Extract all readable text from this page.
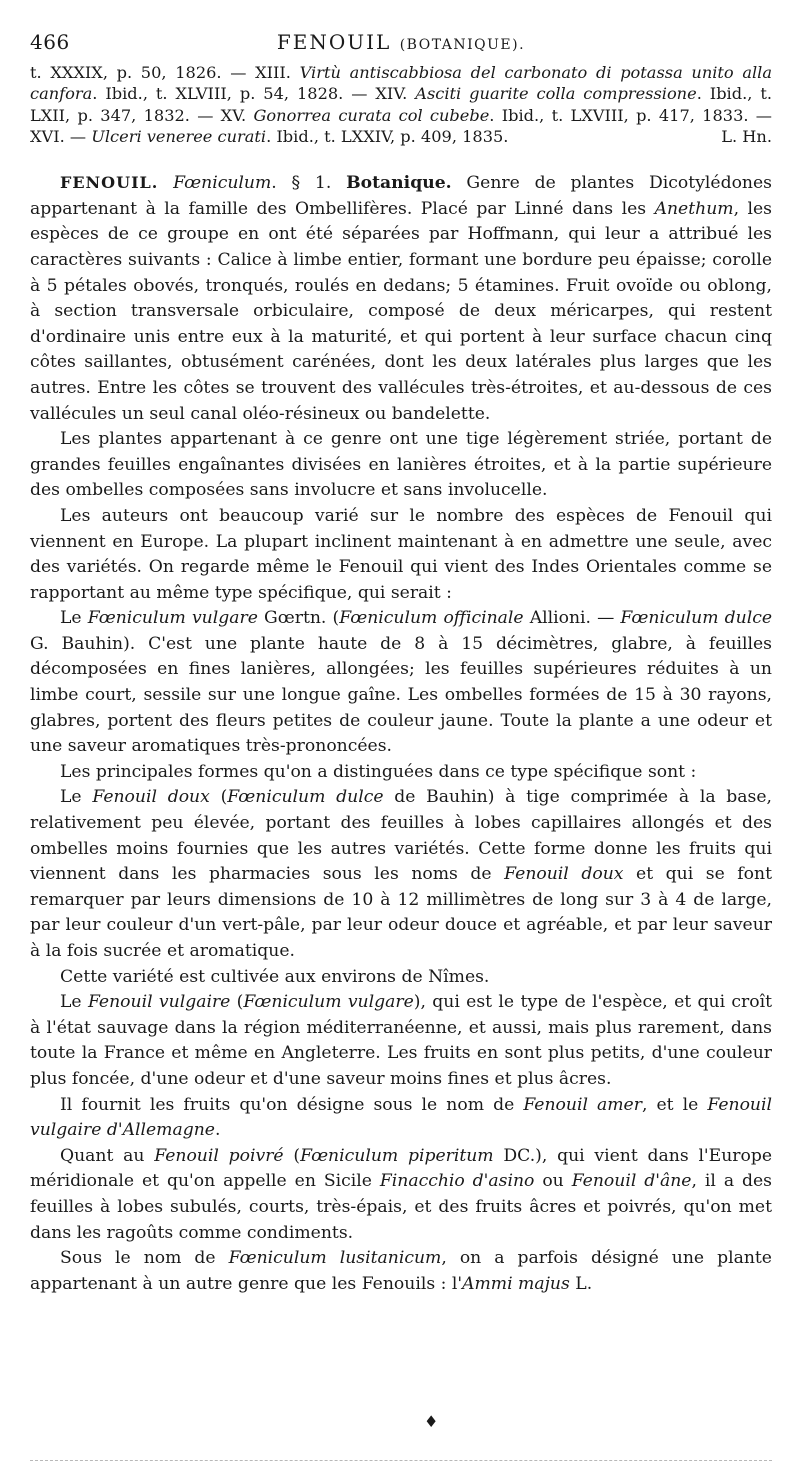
466	FENOUIL (BOTANIQUE).

t. XXXIX, p. 50, 1826. — XIII. Virtù antiscabbiosa del carbonato di potassa unito alla canfora. Ibid., t. XLVIII, p. 54, 1828. — XIV. Asciti guarite colla compressione. Ibid., t. LXII, p. 347, 1832. — XV. Gonorrea curata col cubebe. Ibid., t. LXVIII, p. 417, 1833. — XVI. — Ulceri veneree curati. Ibid., t. LXXIV, p. 409, 1835.	L. Hn.

FENOUIL. Fœniculum. § 1. Botanique. Genre de plantes Dicotylédones appartenant à la famille des Ombellifères. Placé par Linné dans les Anethum, les espèces de ce groupe en ont été séparées par Hoffmann, qui leur a attribué les caractères suivants : Calice à limbe entier, formant une bordure peu épaisse; corolle à 5 pétales obovés, tronqués, roulés en dedans; 5 étamines. Fruit ovoïde ou oblong, à section transversale orbiculaire, composé de deux méricarpes, qui restent d'ordinaire unis entre eux à la maturité, et qui portent à leur surface chacun cinq côtes saillantes, obtusément carénées, dont les deux latérales plus larges que les autres. Entre les côtes se trouvent des vallécules très-étroites, et au-dessous de ces vallécules un seul canal oléo-résineux ou bandelette.

Les plantes appartenant à ce genre ont une tige légèrement striée, portant de grandes feuilles engaînantes divisées en lanières étroites, et à la partie supérieure des ombelles composées sans involucre et sans involucelle.

Les auteurs ont beaucoup varié sur le nombre des espèces de Fenouil qui viennent en Europe. La plupart inclinent maintenant à en admettre une seule, avec des variétés. On regarde même le Fenouil qui vient des Indes Orientales comme se rapportant au même type spécifique, qui serait :

Le Fœniculum vulgare Gœrtn. (Fœniculum officinale Allioni. — Fœniculum dulce G. Bauhin). C'est une plante haute de 8 à 15 décimètres, glabre, à feuilles décomposées en fines lanières, allongées; les feuilles supérieures réduites à un limbe court, sessile sur une longue gaîne. Les ombelles formées de 15 à 30 rayons, glabres, portent des fleurs petites de couleur jaune. Toute la plante a une odeur et une saveur aromatiques très-prononcées.

Les principales formes qu'on a distinguées dans ce type spécifique sont :

Le Fenouil doux (Fœniculum dulce de Bauhin) à tige comprimée à la base, relativement peu élevée, portant des feuilles à lobes capillaires allongés et des ombelles moins fournies que les autres variétés. Cette forme donne les fruits qui viennent dans les pharmacies sous les noms de Fenouil doux et qui se font remarquer par leurs dimensions de 10 à 12 millimètres de long sur 3 à 4 de large, par leur couleur d'un vert-pâle, par leur odeur douce et agréable, et par leur saveur à la fois sucrée et aromatique.

Cette variété est cultivée aux environs de Nîmes.

Le Fenouil vulgaire (Fœniculum vulgare), qui est le type de l'espèce, et qui croît à l'état sauvage dans la région méditerranéenne, et aussi, mais plus rarement, dans toute la France et même en Angleterre. Les fruits en sont plus petits, d'une couleur plus foncée, d'une odeur et d'une saveur moins fines et plus âcres.

Il fournit les fruits qu'on désigne sous le nom de Fenouil amer, et le Fenouil vulgaire d'Allemagne.

Quant au Fenouil poivré (Fœniculum piperitum DC.), qui vient dans l'Europe méridionale et qu'on appelle en Sicile Finacchio d'asino ou Fenouil d'âne, il a des feuilles à lobes subulés, courts, très-épais, et des fruits âcres et poivrés, qu'on met dans les ragoûts comme condiments.

Sous le nom de Fœniculum lusitanicum, on a parfois désigné une plante appartenant à un autre genre que les Fenouils : l'Ammi majus L.

♦
